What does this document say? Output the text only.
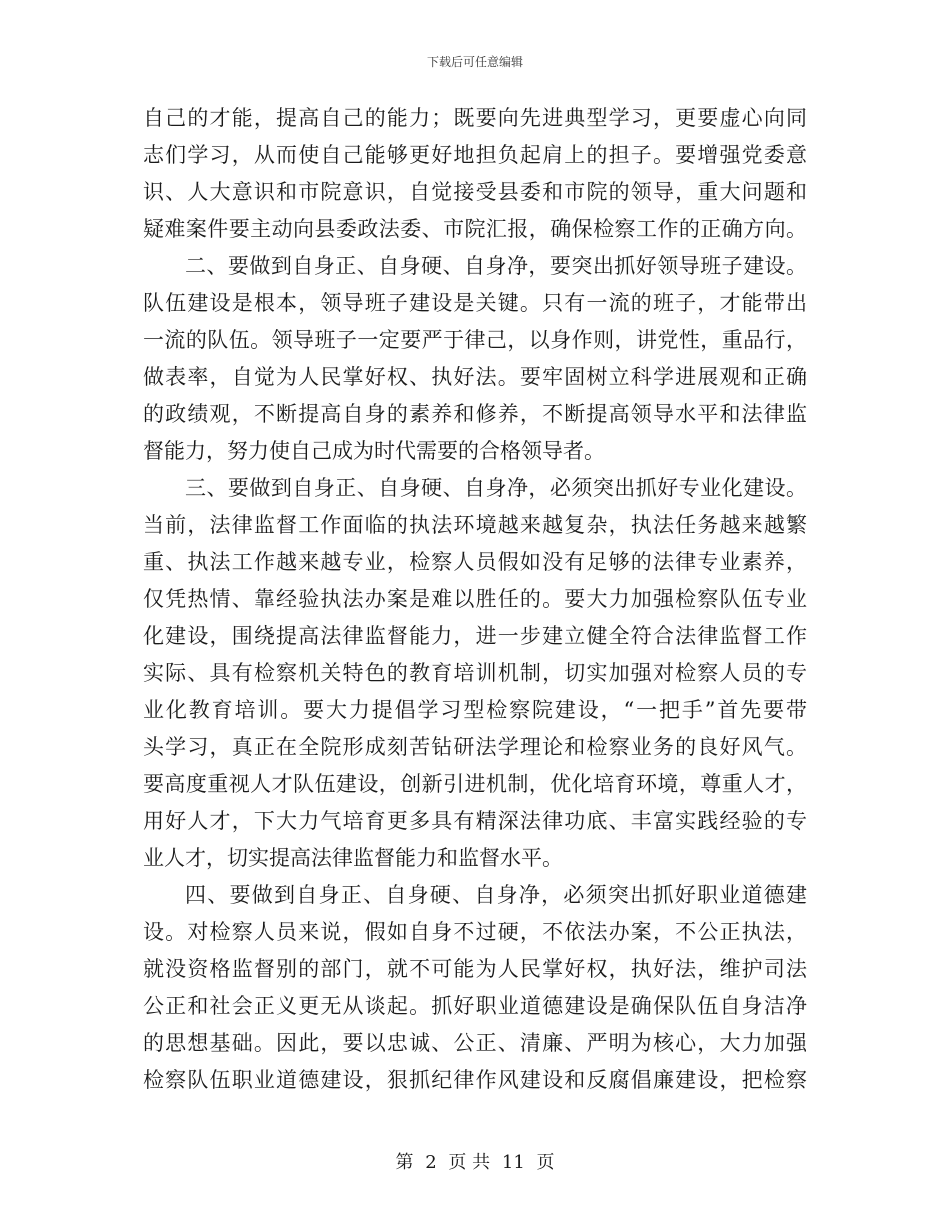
下载后可任意编辑
自己的才能，提高自己的能力；既要向先进典型学习，更要虚心向同
志们学习，从而使自己能够更好地担负起肩上的担子。要增强党委意
识、人大意识和市院意识，自觉接受县委和市院的领导，重大问题和
疑难案件要主动向县委政法委、市院汇报，确保检察工作的正确方向。
二、要做到自身正、自身硬、自身净，要突出抓好领导班子建设。
队伍建设是根本，领导班子建设是关键。只有一流的班子，才能带出
一流的队伍。领导班子一定要严于律己，以身作则，讲党性，重品行，
做表率，自觉为人民掌好权、执好法。要牢固树立科学进展观和正确
的政绩观，不断提高自身的素养和修养，不断提高领导水平和法律监
督能力，努力使自己成为时代需要的合格领导者。
三、要做到自身正、自身硬、自身净，必须突出抓好专业化建设。
当前，法律监督工作面临的执法环境越来越复杂，执法任务越来越繁
重、执法工作越来越专业，检察人员假如没有足够的法律专业素养，
仅凭热情、靠经验执法办案是难以胜任的。要大力加强检察队伍专业
化建设，围绕提高法律监督能力，进一步建立健全符合法律监督工作
实际、具有检察机关特色的教育培训机制，切实加强对检察人员的专
业化教育培训。要大力提倡学习型检察院建设，“一把手”首先要带
头学习，真正在全院形成刻苦钻研法学理论和检察业务的良好风气。
要高度重视人才队伍建设，创新引进机制，优化培育环境，尊重人才，
用好人才，下大力气培育更多具有精深法律功底、丰富实践经验的专
业人才，切实提高法律监督能力和监督水平。
四、要做到自身正、自身硬、自身净，必须突出抓好职业道德建
设。对检察人员来说，假如自身不过硬，不依法办案，不公正执法，
就没资格监督别的部门，就不可能为人民掌好权，执好法，维护司法
公正和社会正义更无从谈起。抓好职业道德建设是确保队伍自身洁净
的思想基础。因此，要以忠诚、公正、清廉、严明为核心，大力加强
检察队伍职业道德建设，狠抓纪律作风建设和反腐倡廉建设，把检察
第 2 页 共 11 页
